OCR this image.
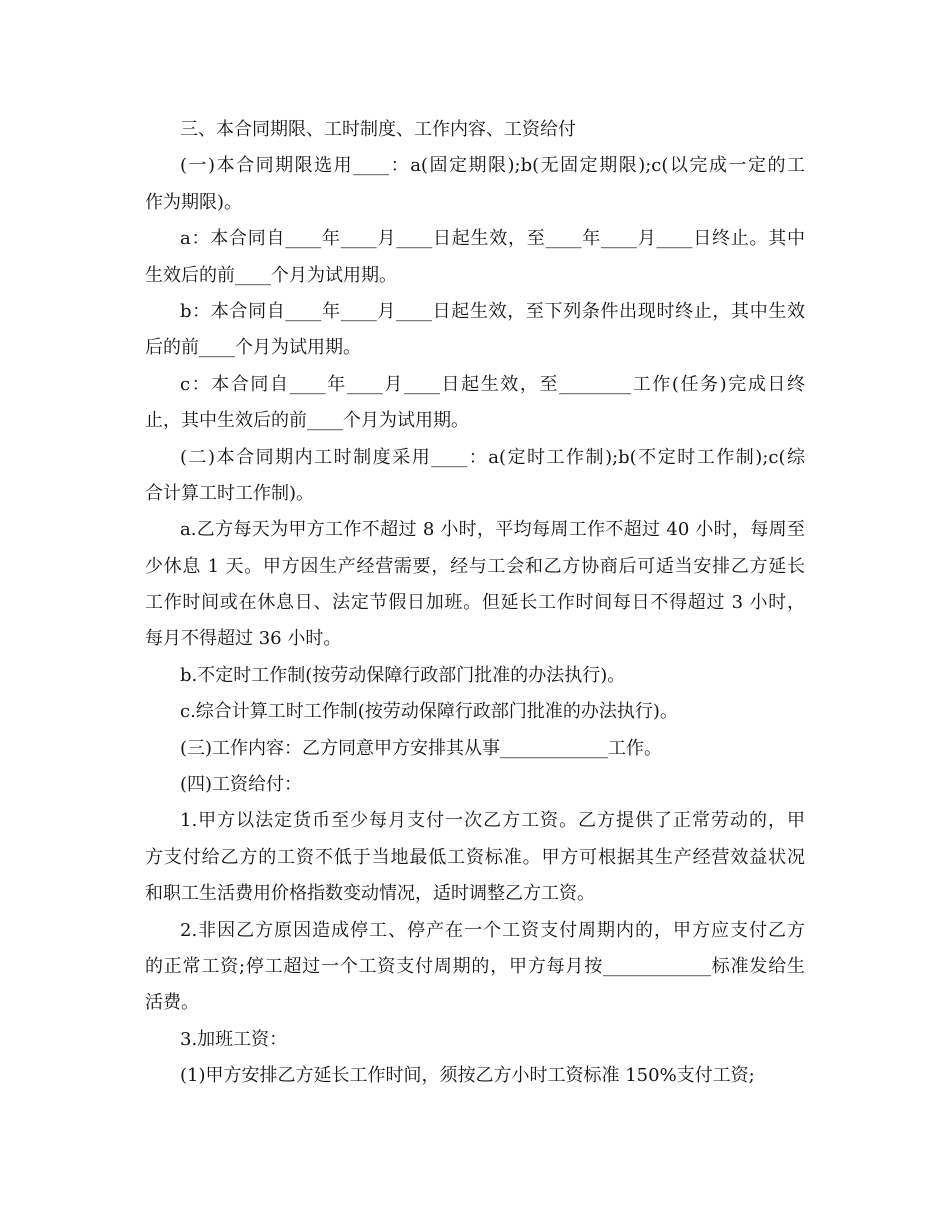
三、本合同期限、工时制度、工作内容、工资给付
(一)本合同期限选用____：a(固定期限);b(无固定期限);c(以完成一定的工
作为期限)。
a：本合同自____年____月____日起生效，至____年____月____日终止。其中
生效后的前____个月为试用期。
b：本合同自____年____月____日起生效，至下列条件出现时终止，其中生效
后的前____个月为试用期。
c：本合同自____年____月____日起生效，至________工作(任务)完成日终
止，其中生效后的前____个月为试用期。
(二)本合同期内工时制度采用____：a(定时工作制);b(不定时工作制);c(综
合计算工时工作制)。
a.乙方每天为甲方工作不超过 8 小时，平均每周工作不超过 40 小时，每周至
少休息 1 天。甲方因生产经营需要，经与工会和乙方协商后可适当安排乙方延长
工作时间或在休息日、法定节假日加班。但延长工作时间每日不得超过 3 小时，
每月不得超过 36 小时。
b.不定时工作制(按劳动保障行政部门批准的办法执行)。
c.综合计算工时工作制(按劳动保障行政部门批准的办法执行)。
(三)工作内容：乙方同意甲方安排其从事____________工作。
(四)工资给付：
1.甲方以法定货币至少每月支付一次乙方工资。乙方提供了正常劳动的，甲
方支付给乙方的工资不低于当地最低工资标准。甲方可根据其生产经营效益状况
和职工生活费用价格指数变动情况，适时调整乙方工资。
2.非因乙方原因造成停工、停产在一个工资支付周期内的，甲方应支付乙方
的正常工资;停工超过一个工资支付周期的，甲方每月按____________标准发给生
活费。
3.加班工资：
(1)甲方安排乙方延长工作时间，须按乙方小时工资标准 150%支付工资;
